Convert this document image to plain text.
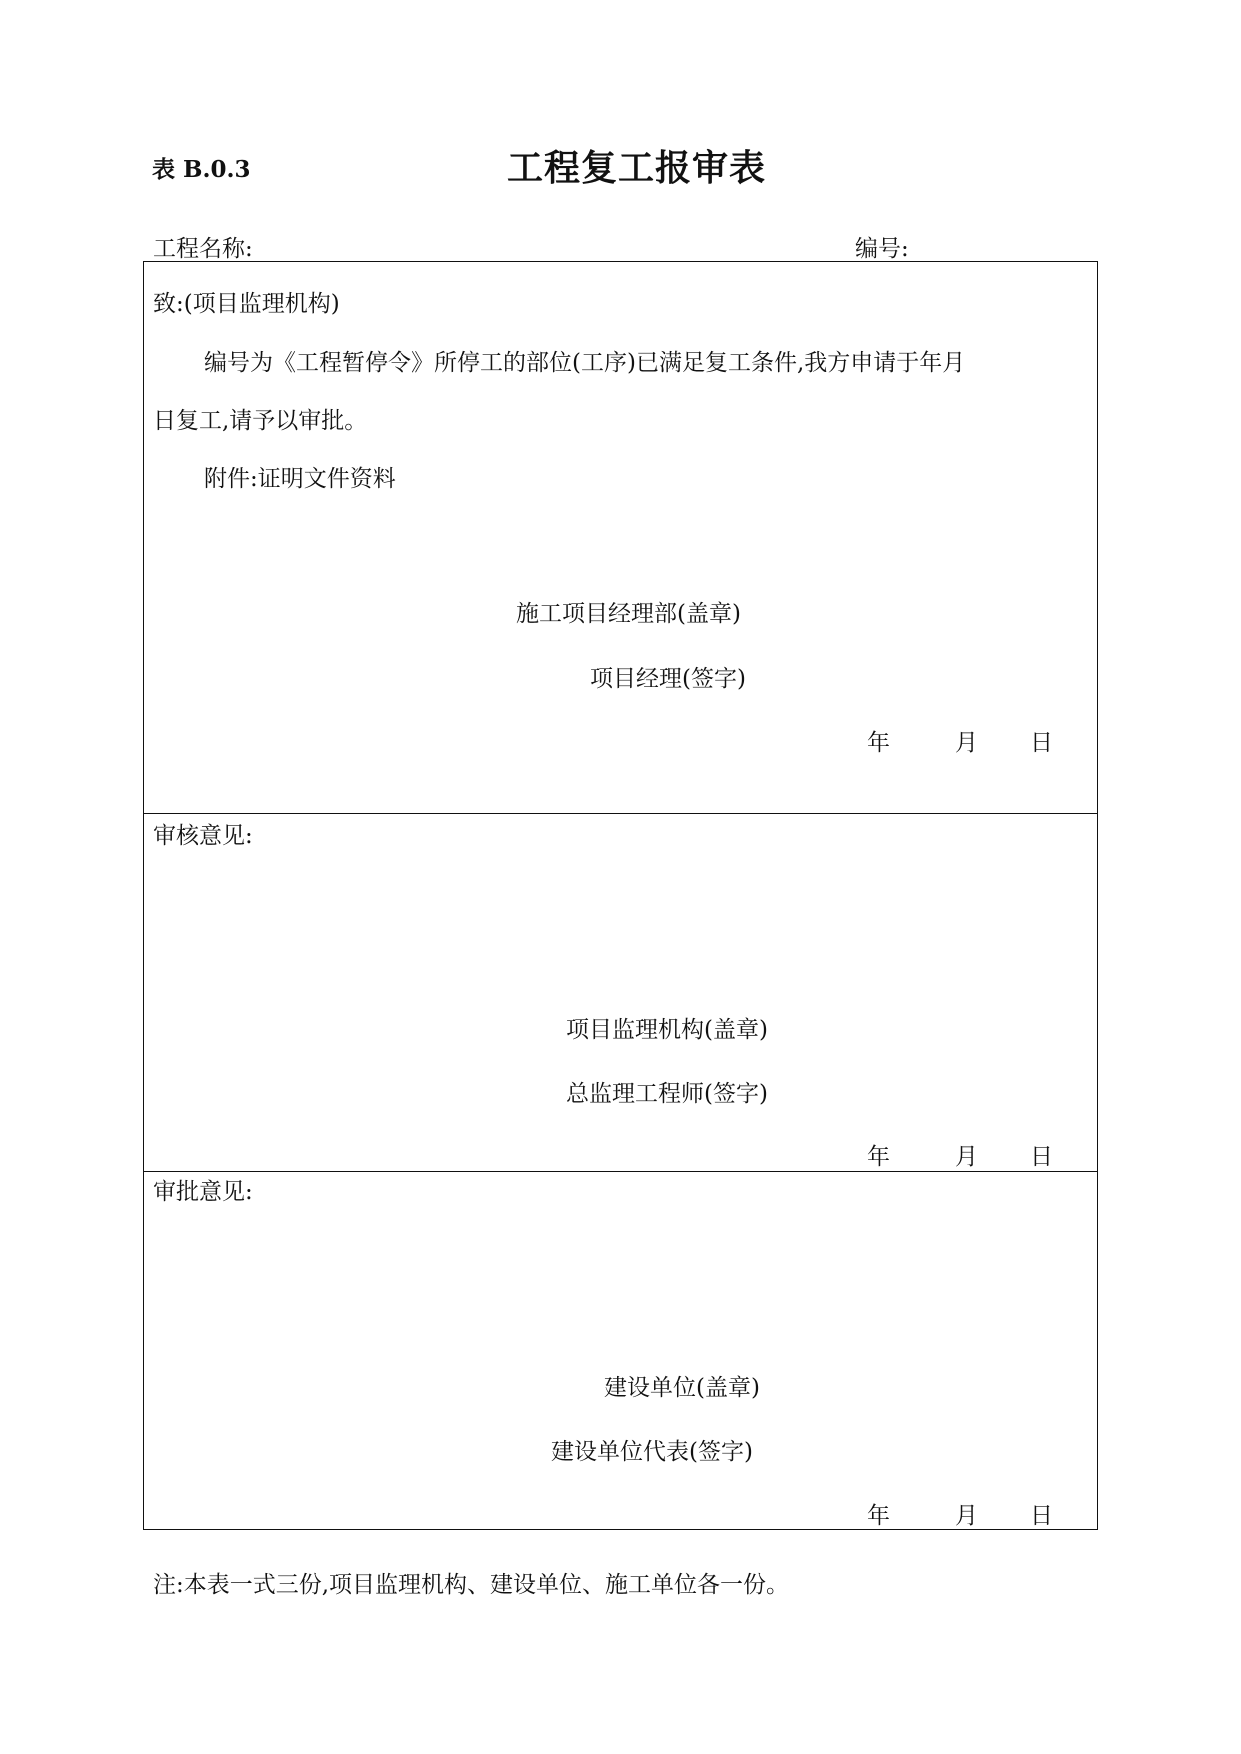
表 B.0.3	工程复工报审表
工程名称:	编号:
致:(项目监理机构)
编号为《工程暂停令》所停工的部位(工序)已满足复工条件,我方申请于年月
日复工,请予以审批。
附件:证明文件资料
施工项目经理部(盖章)
项目经理(签字)
年	月 日
审核意见:
项目监理机构(盖章)
总监理工程师(签字)
年	月 日
审批意见:
建设单位(盖章)
建设单位代表(签字)
年	月 日
注:本表一式三份,项目监理机构、建设单位、施工单位各一份。
